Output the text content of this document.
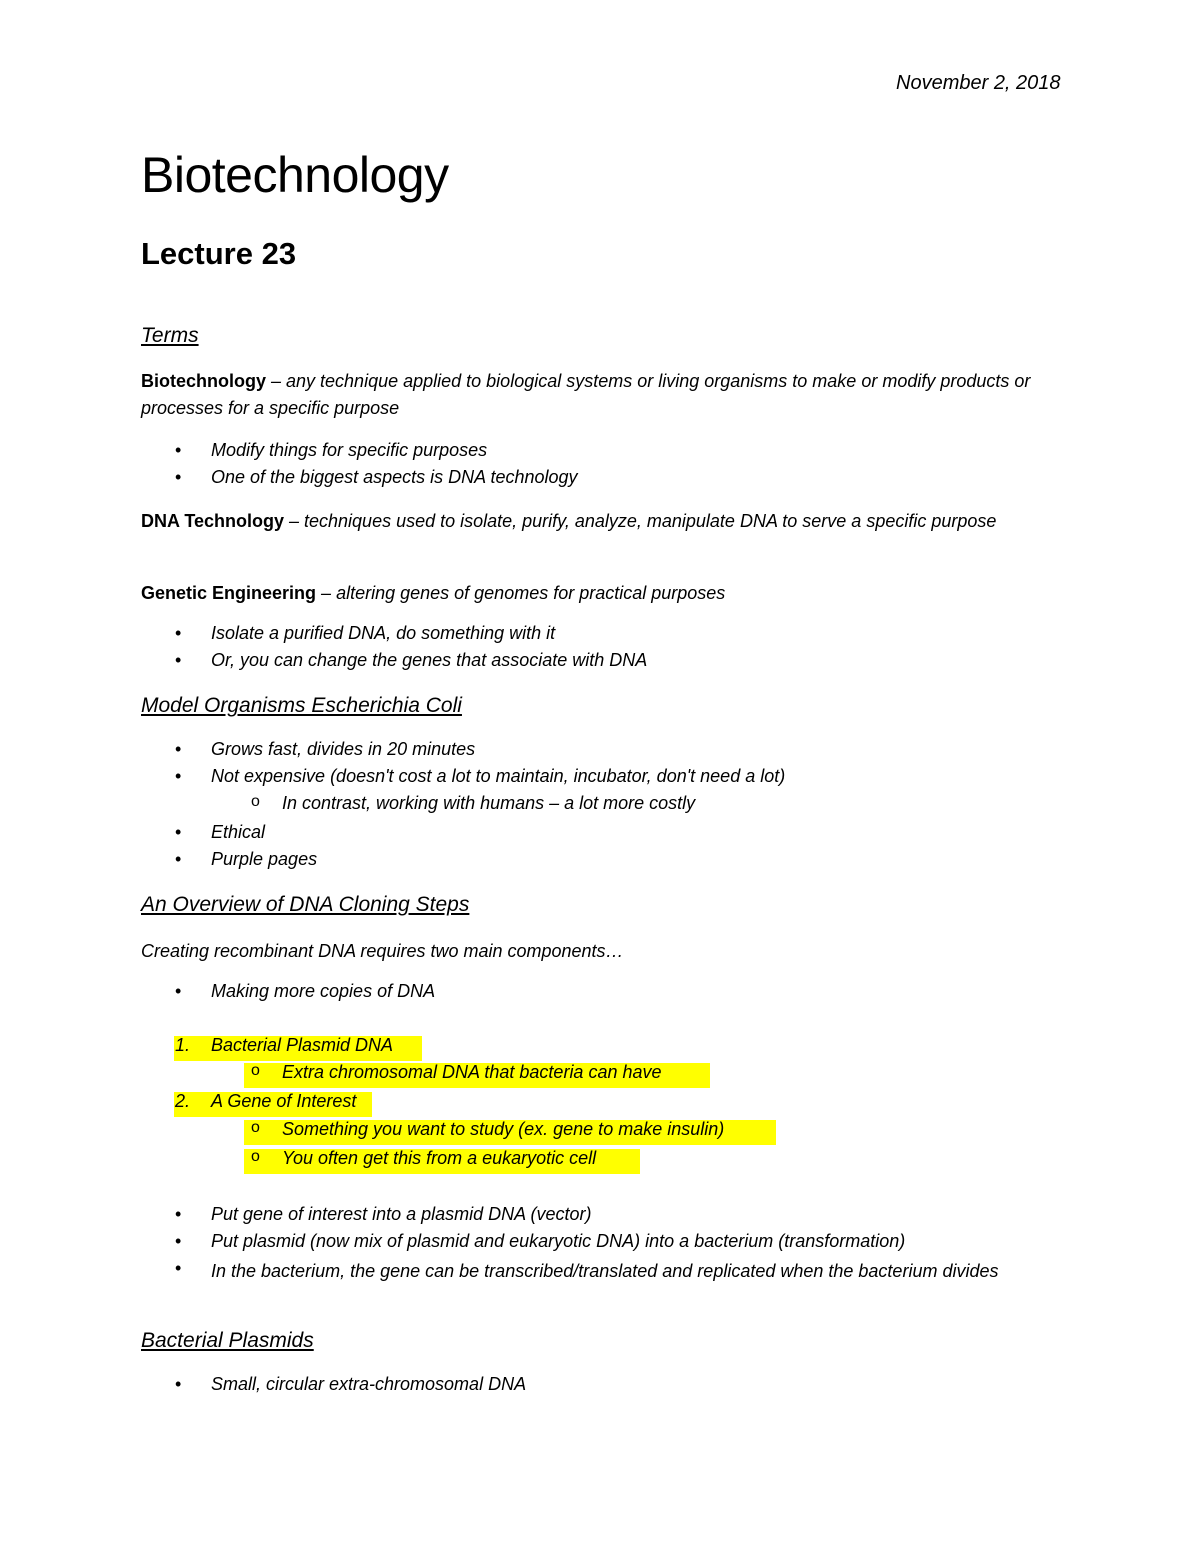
November 2, 2018
Biotechnology
Lecture 23
Terms
Biotechnology – any technique applied to biological systems or living organisms to make or modify products or processes for a specific purpose
• Modify things for specific purposes
• One of the biggest aspects is DNA technology
DNA Technology – techniques used to isolate, purify, analyze, manipulate DNA to serve a specific purpose
Genetic Engineering – altering genes of genomes for practical purposes
• Isolate a purified DNA, do something with it
• Or, you can change the genes that associate with DNA
Model Organisms Escherichia Coli
• Grows fast, divides in 20 minutes
• Not expensive (doesn't cost a lot to maintain, incubator, don't need a lot)
o In contrast, working with humans – a lot more costly
• Ethical
• Purple pages
An Overview of DNA Cloning Steps
Creating recombinant DNA requires two main components…
• Making more copies of DNA
1. Bacterial Plasmid DNA
o Extra chromosomal DNA that bacteria can have
2. A Gene of Interest
o Something you want to study (ex. gene to make insulin)
o You often get this from a eukaryotic cell
• Put gene of interest into a plasmid DNA (vector)
• Put plasmid (now mix of plasmid and eukaryotic DNA) into a bacterium (transformation)
• In the bacterium, the gene can be transcribed/translated and replicated when the bacterium divides
Bacterial Plasmids
• Small, circular extra-chromosomal DNA
